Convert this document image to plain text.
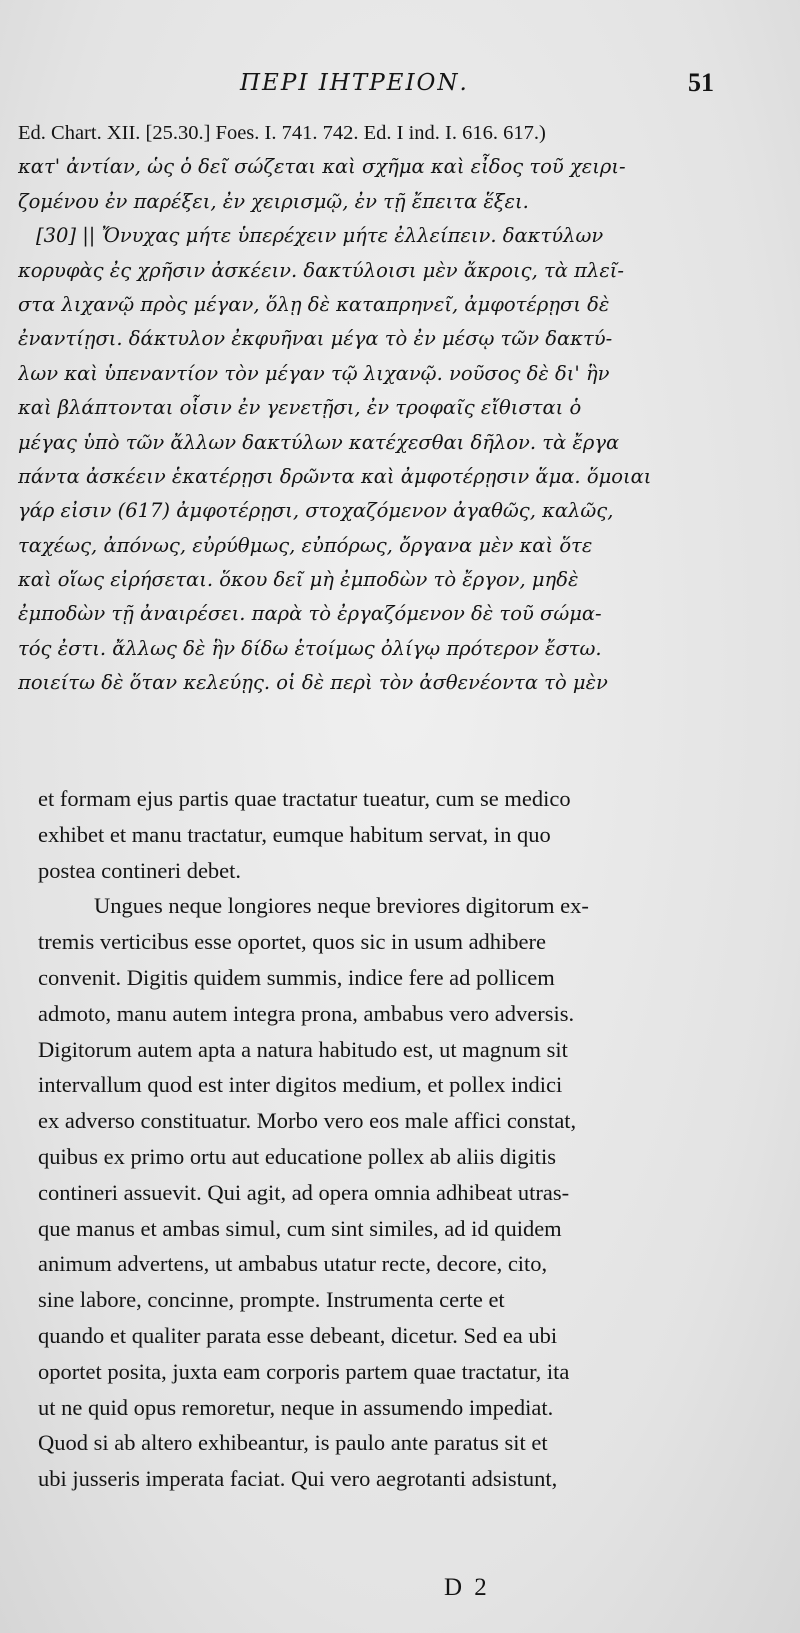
ΠΕΡΙ ΙΗΤΡΕΙΟΝ.	51
Ed. Chart. XII. [25.30.] Foes. I. 741. 742. Ed. I ind. I. 616. 617.)
κατ' ἀντίαν, ὡς ὁ δεῖ σώζεται καὶ σχῆμα καὶ εἶδος τοῦ χειρι-
ζομένου ἐν παρέξει, ἐν χειρισμῷ, ἐν τῇ ἔπειτα ἕξει.
[30] || Ὄνυχας μήτε ὑπερέχειν μήτε ἐλλείπειν. δακτύλων
κορυφὰς ἐς χρῆσιν ἀσκέειν. δακτύλοισι μὲν ἄκροις, τὰ πλεῖ-
στα λιχανῷ πρὸς μέγαν, ὅλῃ δὲ καταπρηνεῖ, ἀμφοτέρῃσι δὲ
ἐναντίῃσι. δάκτυλον ἐκφυῆναι μέγα τὸ ἐν μέσῳ τῶν δακτύ-
λων καὶ ὑπεναντίον τὸν μέγαν τῷ λιχανῷ. νοῦσος δὲ δι' ἣν
καὶ βλάπτονται οἷσιν ἐν γενετῇσι, ἐν τροφαῖς εἴθισται ὁ
μέγας ὑπὸ τῶν ἄλλων δακτύλων κατέχεσθαι δῆλον. τὰ ἔργα
πάντα ἀσκέειν ἑκατέρῃσι δρῶντα καὶ ἀμφοτέρῃσιν ἅμα. ὅμοιαι
γάρ εἰσιν (617) ἀμφοτέρῃσι, στοχαζόμενον ἀγαθῶς, καλῶς,
ταχέως, ἀπόνως, εὐρύθμως, εὐπόρως, ὄργανα μὲν καὶ ὅτε
καὶ οἵως εἰρήσεται. ὅκου δεῖ μὴ ἐμποδὼν τὸ ἔργον, μηδὲ
ἐμποδὼν τῇ ἀναιρέσει. παρὰ τὸ ἐργαζόμενον δὲ τοῦ σώμα-
τός ἐστι. ἄλλως δὲ ἣν δίδω ἑτοίμως ὀλίγῳ πρότερον ἔστω.
ποιείτω δὲ ὅταν κελεύῃς. οἱ δὲ περὶ τὸν ἀσθενέοντα τὸ μὲν
et formam ejus partis quae tractatur tueatur, cum se medico
exhibet et manu tractatur, eumque habitum servat, in quo
postea contineri debet.
Ungues neque longiores neque breviores digitorum ex-
tremis verticibus esse oportet, quos sic in usum adhibere
convenit. Digitis quidem summis, indice fere ad pollicem
admoto, manu autem integra prona, ambabus vero adversis.
Digitorum autem apta a natura habitudo est, ut magnum sit
intervallum quod est inter digitos medium, et pollex indici
ex adverso constituatur. Morbo vero eos male affici constat,
quibus ex primo ortu aut educatione pollex ab aliis digitis
contineri assuevit. Qui agit, ad opera omnia adhibeat utras-
que manus et ambas simul, cum sint similes, ad id quidem
animum advertens, ut ambabus utatur recte, decore, cito,
sine labore, concinne, prompte. Instrumenta certe et
quando et qualiter parata esse debeant, dicetur. Sed ea ubi
oportet posita, juxta eam corporis partem quae tractatur, ita
ut ne quid opus remoretur, neque in assumendo impediat.
Quod si ab altero exhibeantur, is paulo ante paratus sit et
ubi jusseris imperata faciat. Qui vero aegrotanti adsistunt,
D 2
